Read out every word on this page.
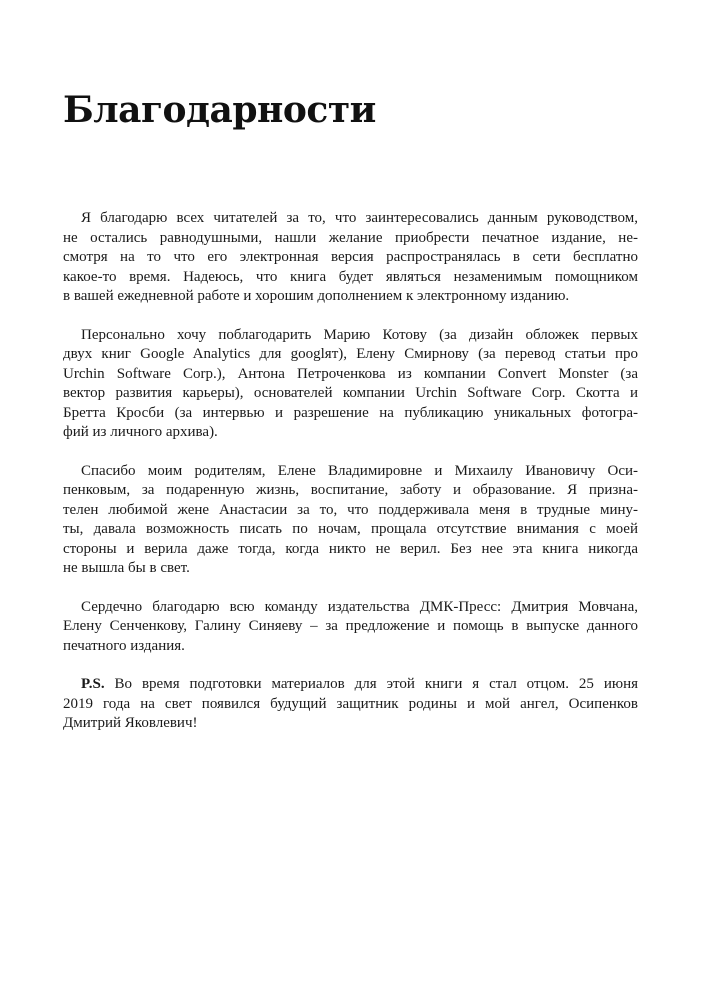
Благодарности

Я благодарю всех читателей за то, что заинтересовались данным руководством,
не остались равнодушными, нашли желание приобрести печатное издание, не-
смотря на то что его электронная версия распространялась в сети бесплатно
какое-то время. Надеюсь, что книга будет являться незаменимым помощником
в вашей ежедневной работе и хорошим дополнением к электронному изданию.

Персонально хочу поблагодарить Марию Котову (за дизайн обложек первых
двух книг Google Analytics для googlят), Елену Смирнову (за перевод статьи про
Urchin Software Corp.), Антона Петроченкова из компании Convert Monster (за
вектор развития карьеры), основателей компании Urchin Software Corp. Скотта и
Бретта Кросби (за интервью и разрешение на публикацию уникальных фотогра-
фий из личного архива).

Спасибо моим родителям, Елене Владимировне и Михаилу Ивановичу Оси-
пенковым, за подаренную жизнь, воспитание, заботу и образование. Я призна-
телен любимой жене Анастасии за то, что поддерживала меня в трудные мину-
ты, давала возможность писать по ночам, прощала отсутствие внимания с моей
стороны и верила даже тогда, когда никто не верил. Без нее эта книга никогда
не вышла бы в свет.

Сердечно благодарю всю команду издательства ДМК-Пресс: Дмитрия Мовчана,
Елену Сенченкову, Галину Синяеву – за предложение и помощь в выпуске данного
печатного издания.

P.S. Во время подготовки материалов для этой книги я стал отцом. 25 июня
2019 года на свет появился будущий защитник родины и мой ангел, Осипенков
Дмитрий Яковлевич!
